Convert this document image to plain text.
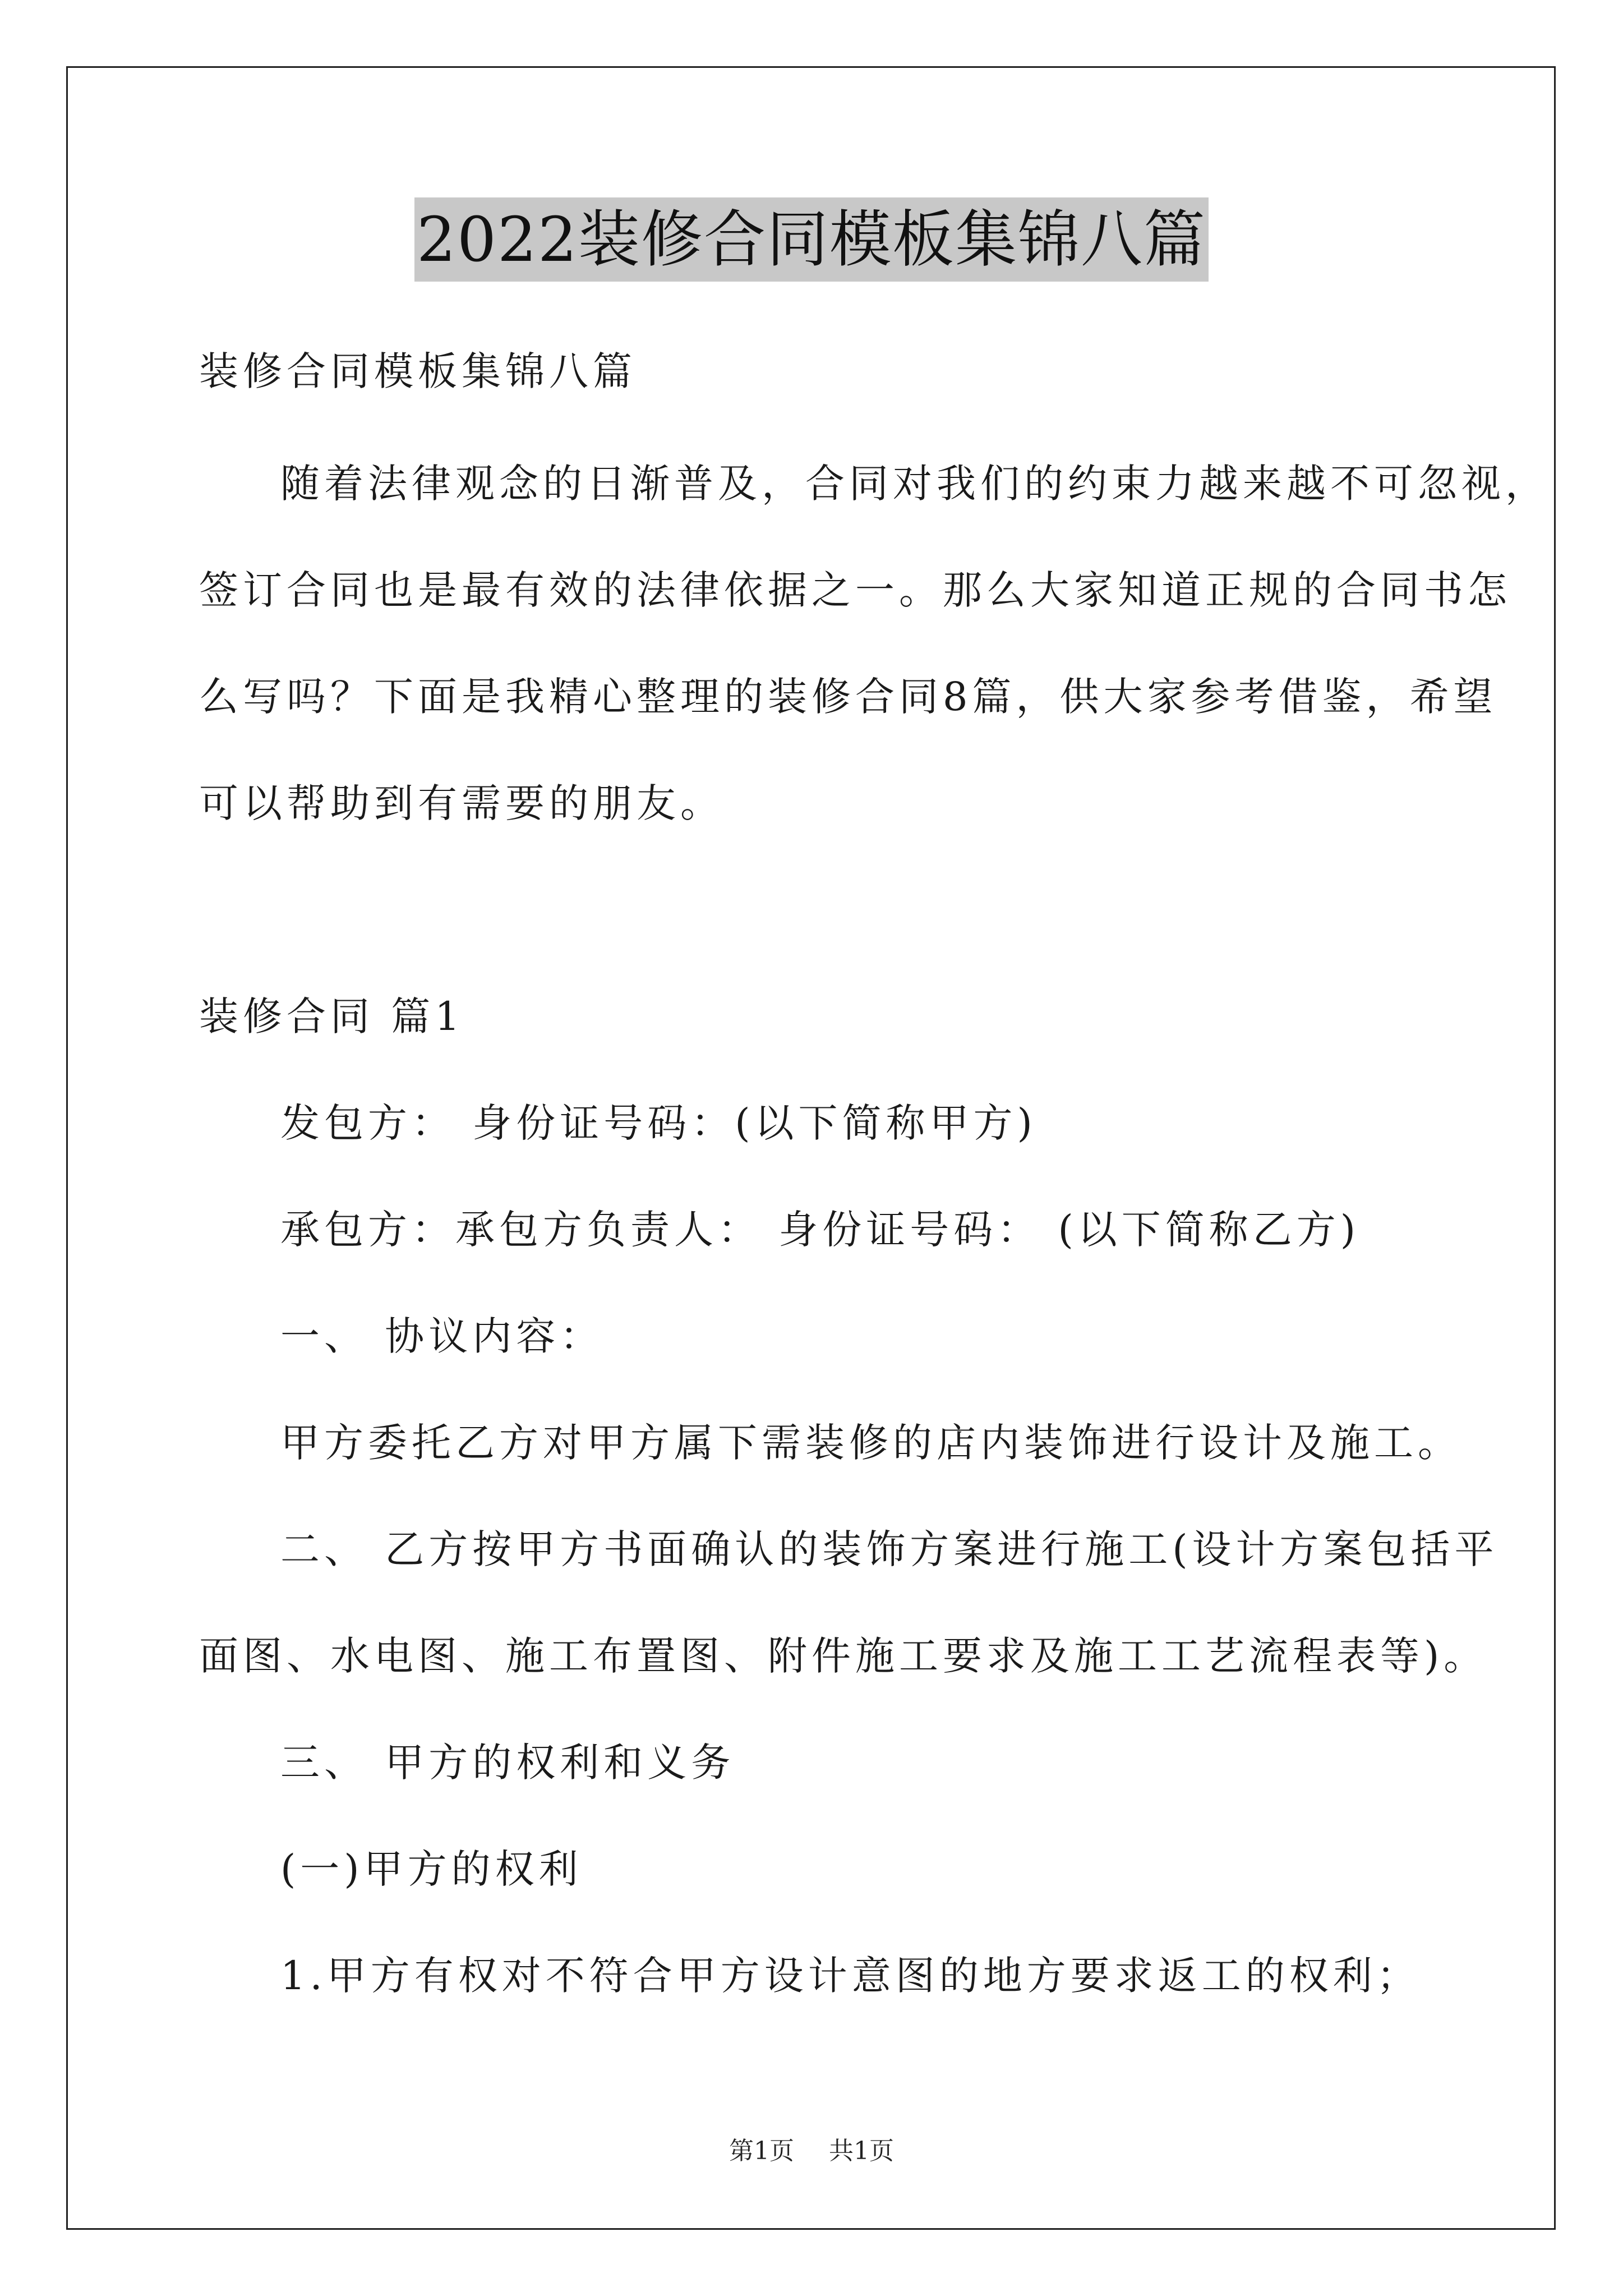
2022装修合同模板集锦八篇
装修合同模板集锦八篇
随着法律观念的日渐普及，合同对我们的约束力越来越不可忽视，
签订合同也是最有效的法律依据之一。那么大家知道正规的合同书怎
么写吗？下面是我精心整理的装修合同8篇，供大家参考借鉴，希望
可以帮助到有需要的朋友。
装修合同 篇1
发包方： 身份证号码：(以下简称甲方)
承包方：承包方负责人： 身份证号码： (以下简称乙方)
一、 协议内容：
甲方委托乙方对甲方属下需装修的店内装饰进行设计及施工。
二、 乙方按甲方书面确认的装饰方案进行施工(设计方案包括平
面图、水电图、施工布置图、附件施工要求及施工工艺流程表等)。
三、 甲方的权利和义务
(一)甲方的权利
1.甲方有权对不符合甲方设计意图的地方要求返工的权利；
第1页 共1页
